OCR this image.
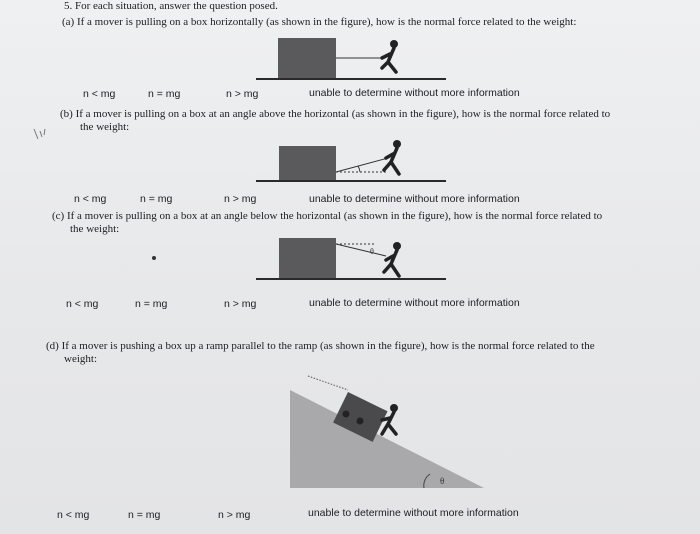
5. For each situation, answer the question posed.
(a) If a mover is pulling on a box horizontally (as shown in the figure), how is the normal force related to the weight:
n < mg	n = mg	n > mg	unable to determine without more information
(b) If a mover is pulling on a box at an angle above the horizontal (as shown in the figure), how is the normal force related to
the weight:
n < mg	n = mg	n > mg	unable to determine without more information
(c) If a mover is pulling on a box at an angle below the horizontal (as shown in the figure), how is the normal force related to
the weight:
θ
n < mg	n = mg	n > mg	unable to determine without more information
(d) If a mover is pushing a box up a ramp parallel to the ramp (as shown in the figure), how is the normal force related to the
weight:
θ
n < mg	n = mg	n > mg	unable to determine without more information
